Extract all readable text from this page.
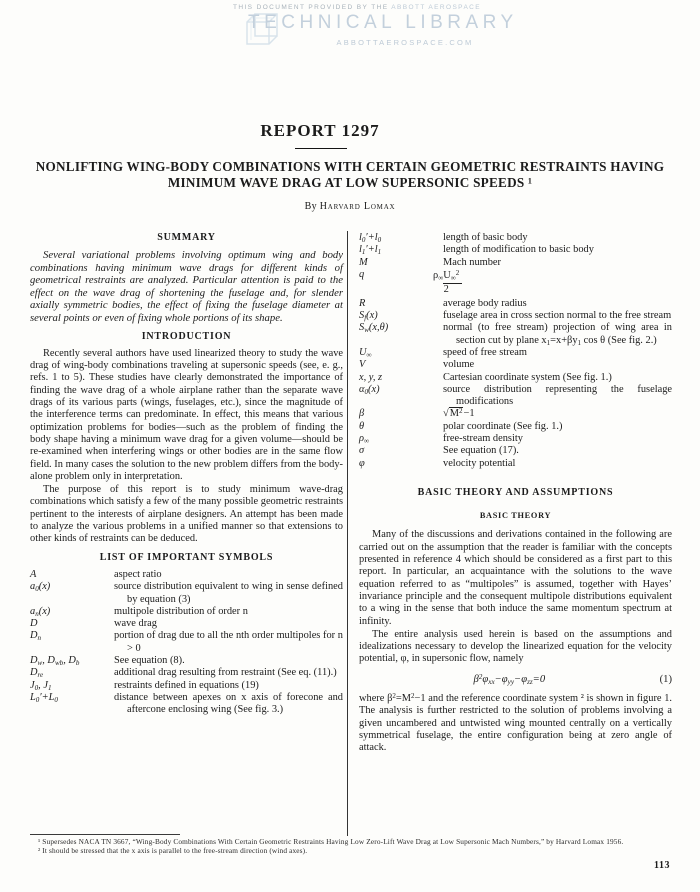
THIS DOCUMENT PROVIDED BY THE ABBOTT AEROSPACE
TECHNICAL LIBRARY
ABBOTTAEROSPACE.COM
REPORT 1297
NONLIFTING WING-BODY COMBINATIONS WITH CERTAIN GEOMETRIC RESTRAINTS HAVING
MINIMUM WAVE DRAG AT LOW SUPERSONIC SPEEDS ¹
By Harvard Lomax
SUMMARY

Several variational problems involving optimum wing and body combinations having minimum wave drags for different kinds of geometrical restraints are analyzed. Particular attention is paid to the effect on the wave drag of shortening the fuselage and, for slender axially symmetric bodies, the effect of fixing the fuselage diameter at several points or even of fixing whole portions of its shape.

INTRODUCTION

Recently several authors have used linearized theory to study the wave drag of wing-body combinations traveling at supersonic speeds (see, e. g., refs. 1 to 5). These studies have clearly demonstrated the importance of finding the wave drag of a whole airplane rather than the separate wave drags of its various parts (wings, fuselages, etc.), since the magnitude of the interference terms can predominate. In effect, this means that various optimization problems for bodies—such as the problem of finding the body shape having a minimum wave drag for a given volume—should be re-examined when interfering wings or other bodies are in the same flow field. In many cases the solution to the new problem differs from the body-alone problem only in interpretation.

The purpose of this report is to study minimum wave-drag combinations which satisfy a few of the many possible geometric restraints pertinent to the interests of airplane designers. An attempt has been made to analyze the various problems in a unified manner so that extensions to other kinds of restraints can be deduced.

LIST OF IMPORTANT SYMBOLS
A	aspect ratio
$a_0(x)$	source distribution equivalent to wing in sense defined by equation (3)
$a_n(x)$	multipole distribution of order n
D	wave drag
$D_n$	portion of drag due to all the nth order multipoles for n > 0
$D_w$, $D_{wb}$, $D_b$	See equation (8).
$D_{re}$	additional drag resulting from restraint (See eq. (11).)
$J_0$, $J_1$	restraints defined in equations (19)
$L_0'+L_0$	distance between apexes on x axis of forecone and aftercone enclosing wing (See fig. 3.)
$l_0'+l_0$	length of basic body
$l_1'+l_1$	length of modification to basic body
M	Mach number
q	$\frac{\rho_\infty U_\infty^2}{2}$
R	average body radius
$S_f(x)$	fuselage area in cross section normal to the free stream
$S_w(x,\theta)$	normal (to free stream) projection of wing area in section cut by plane $x_1=x+\beta y_1$ cos θ (See fig. 2.)
$U_\infty$	speed of free stream
V	volume
x, y, z	Cartesian coordinate system (See fig. 1.)
$\alpha_0(x)$	source distribution representing the fuselage modifications
β	$√M^2-1$
θ	polar coordinate (See fig. 1.)
$\rho_\infty$	free-stream density
σ	See equation (17).
φ	velocity potential
BASIC THEORY AND ASSUMPTIONS
BASIC THEORY

Many of the discussions and derivations contained in the following are carried out on the assumption that the reader is familiar with the concepts presented in reference 4 which should be considered as a first part to this report. In particular, an acquaintance with the solutions to the wave equation referred to as “multipoles” is assumed, together with Hayes’ invariance principle and the consequent multipole distributions equivalent to a wing in the sense that both induce the same momentum spectrum at infinity.

The entire analysis used herein is based on the assumptions and idealizations necessary to develop the linearized equation for the velocity potential, φ, in supersonic flow, namely

$\beta^2\varphi_{xx}-\varphi_{yy}-\varphi_{zz}=0$	(1)

where $\beta^2=M^2-1$ and the reference coordinate system ² is shown in figure 1. The analysis is further restricted to the solution of problems involving a given uncambered and untwisted wing mounted centrally on a vertically symmetrical fuselage, the entire configuration being at zero angle of attack.

¹ Supersedes NACA TN 3667, “Wing-Body Combinations With Certain Geometric Restraints Having Low Zero-Lift Wave Drag at Low Supersonic Mach Numbers,” by Harvard Lomax 1956.

² It should be stressed that the x axis is parallel to the free-stream direction (wind axes).

113
